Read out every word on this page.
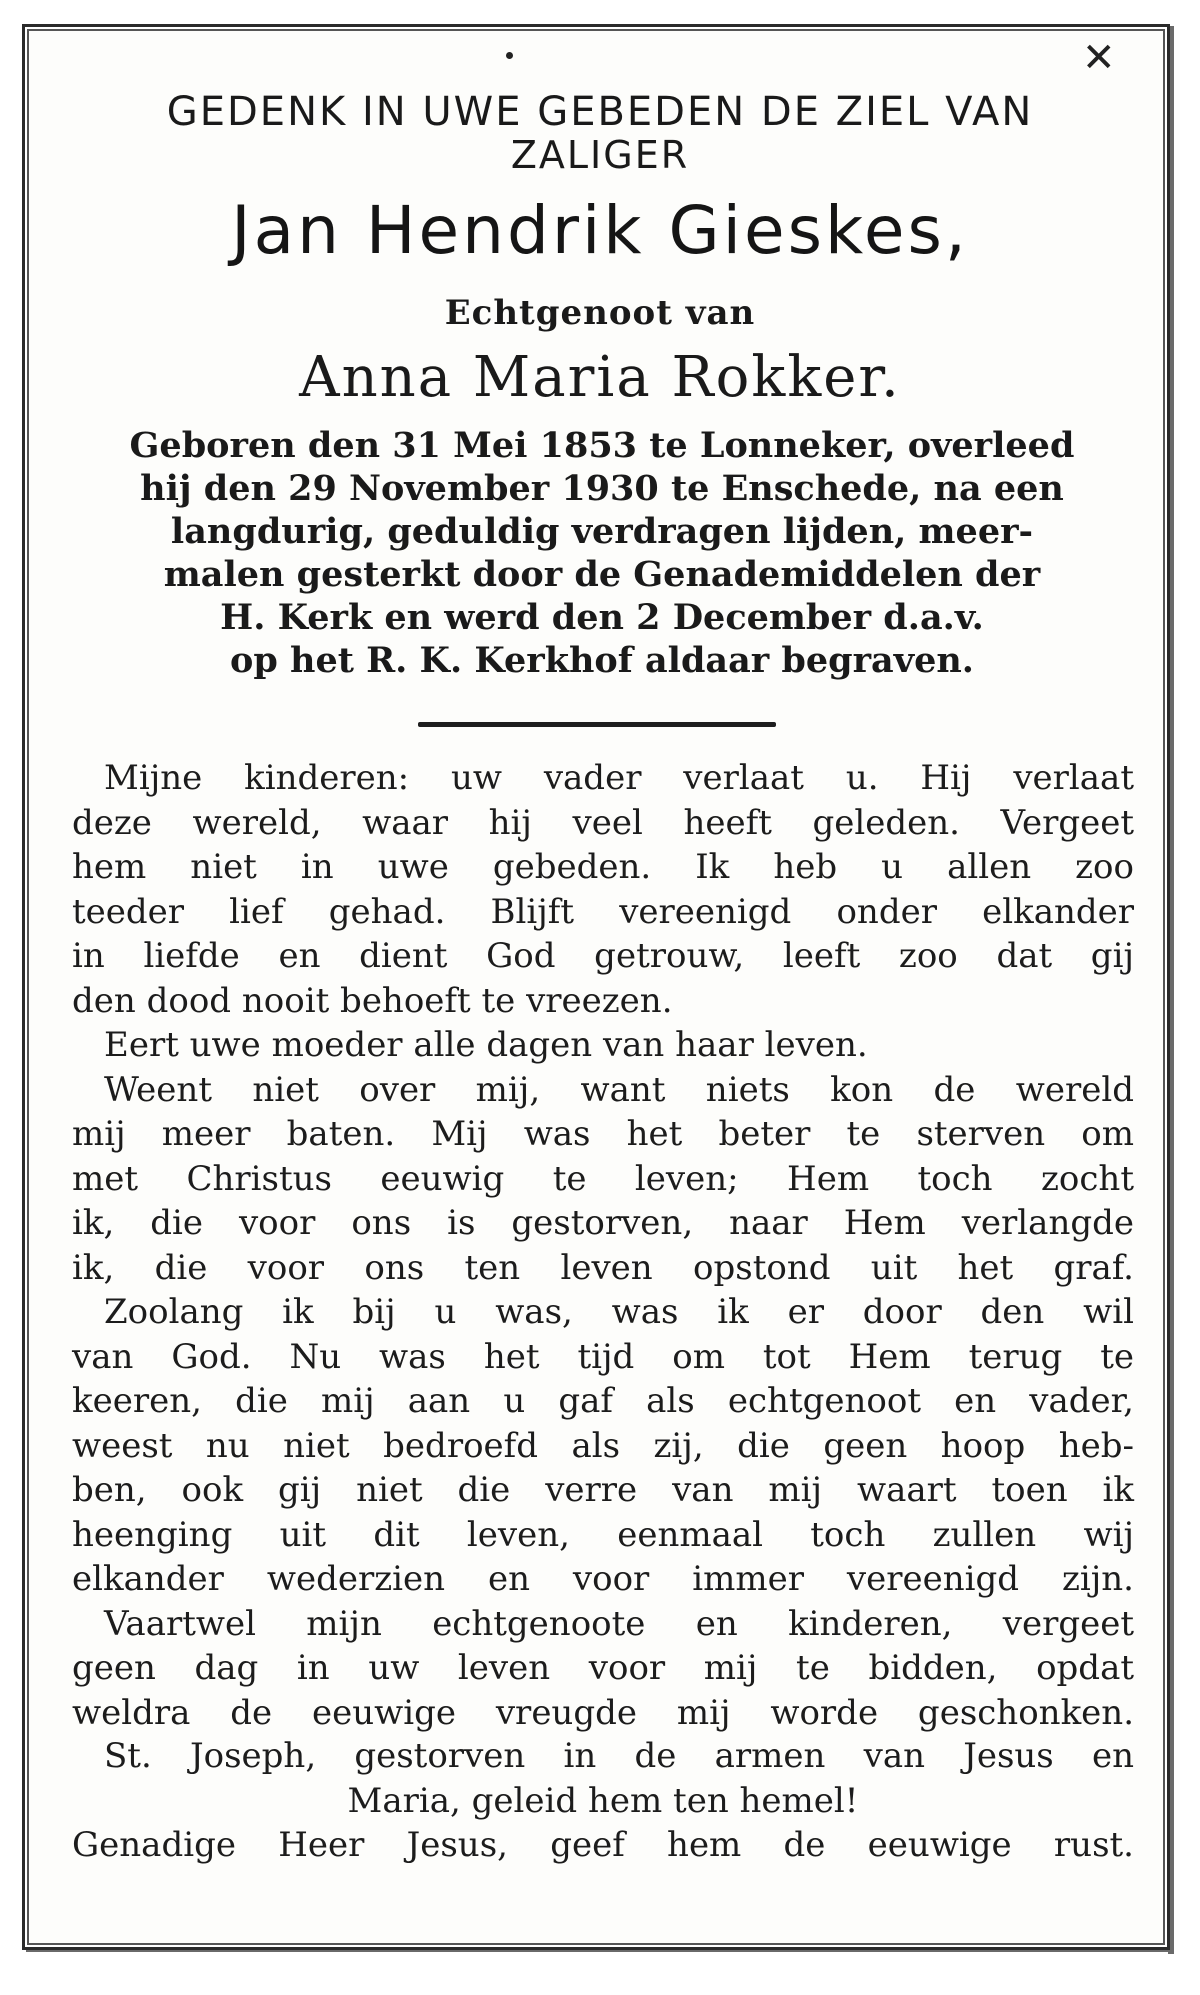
✕
GEDENK IN UWE GEBEDEN DE ZIEL VAN
ZALIGER
Jan Hendrik Gieskes,
Echtgenoot van
Anna Maria Rokker.
Geboren den 31 Mei 1853 te Lonneker, overleed
hij den 29 November 1930 te Enschede, na een
langdurig, geduldig verdragen lijden, meer-
malen gesterkt door de Genademiddelen der
H. Kerk en werd den 2 December d.a.v.
op het R. K. Kerkhof aldaar begraven.
Mijne kinderen: uw vader verlaat u. Hij verlaat
deze wereld, waar hij veel heeft geleden. Vergeet
hem niet in uwe gebeden. Ik heb u allen zoo
teeder lief gehad. Blijft vereenigd onder elkander
in liefde en dient God getrouw, leeft zoo dat gij
den dood nooit behoeft te vreezen.
Eert uwe moeder alle dagen van haar leven.
Weent niet over mij, want niets kon de wereld
mij meer baten. Mij was het beter te sterven om
met Christus eeuwig te leven; Hem toch zocht
ik, die voor ons is gestorven, naar Hem verlangde
ik, die voor ons ten leven opstond uit het graf.
Zoolang ik bij u was, was ik er door den wil
van God. Nu was het tijd om tot Hem terug te
keeren, die mij aan u gaf als echtgenoot en vader,
weest nu niet bedroefd als zij, die geen hoop heb-
ben, ook gij niet die verre van mij waart toen ik
heenging uit dit leven, eenmaal toch zullen wij
elkander wederzien en voor immer vereenigd zijn.
Vaartwel mijn echtgenoote en kinderen, vergeet
geen dag in uw leven voor mij te bidden, opdat
weldra de eeuwige vreugde mij worde geschonken.
St. Joseph, gestorven in de armen van Jesus en
Maria, geleid hem ten hemel!
Genadige Heer Jesus, geef hem de eeuwige rust.
